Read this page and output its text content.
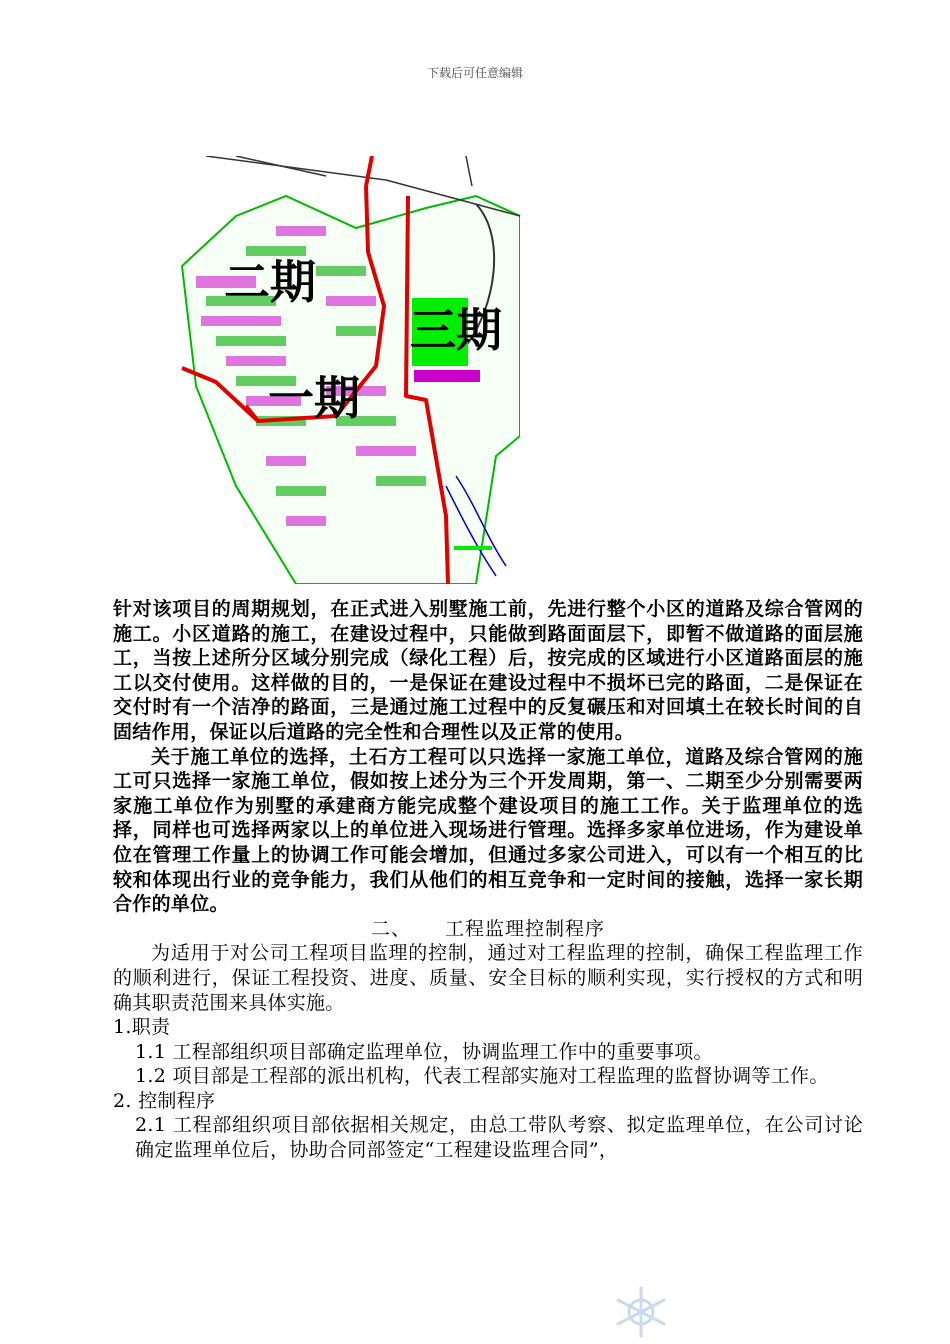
下载后可任意编辑
二期
三期
一期

针对该项目的周期规划，在正式进入别墅施工前，先进行整个小区的道路及综合管网的施工。小区道路的施工，在建设过程中，只能做到路面面层下，即暂不做道路的面层施工，当按上述所分区域分别完成（绿化工程）后，按完成的区域进行小区道路面层的施工以交付使用。这样做的目的，一是保证在建设过程中不损坏已完的路面，二是保证在交付时有一个洁净的路面，三是通过施工过程中的反复碾压和对回填土在较长时间的自固结作用，保证以后道路的完全性和合理性以及正常的使用。

关于施工单位的选择，土石方工程可以只选择一家施工单位，道路及综合管网的施工可只选择一家施工单位，假如按上述分为三个开发周期，第一、二期至少分别需要两家施工单位作为别墅的承建商方能完成整个建设项目的施工工作。关于监理单位的选择，同样也可选择两家以上的单位进入现场进行管理。选择多家单位进场，作为建设单位在管理工作量上的协调工作可能会增加，但通过多家公司进入，可以有一个相互的比较和体现出行业的竞争能力，我们从他们的相互竞争和一定时间的接触，选择一家长期合作的单位。

二、 工程监理控制程序

为适用于对公司工程项目监理的控制，通过对工程监理的控制，确保工程监理工作的顺利进行，保证工程投资、进度、质量、安全目标的顺利实现，实行授权的方式和明确其职责范围来具体实施。

1.职责

1.1 工程部组织项目部确定监理单位，协调监理工作中的重要事项。

1.2 项目部是工程部的派出机构，代表工程部实施对工程监理的监督协调等工作。

2. 控制程序

2.1 工程部组织项目部依据相关规定，由总工带队考察、拟定监理单位，在公司讨论确定监理单位后，协助合同部签定“工程建设监理合同”，
